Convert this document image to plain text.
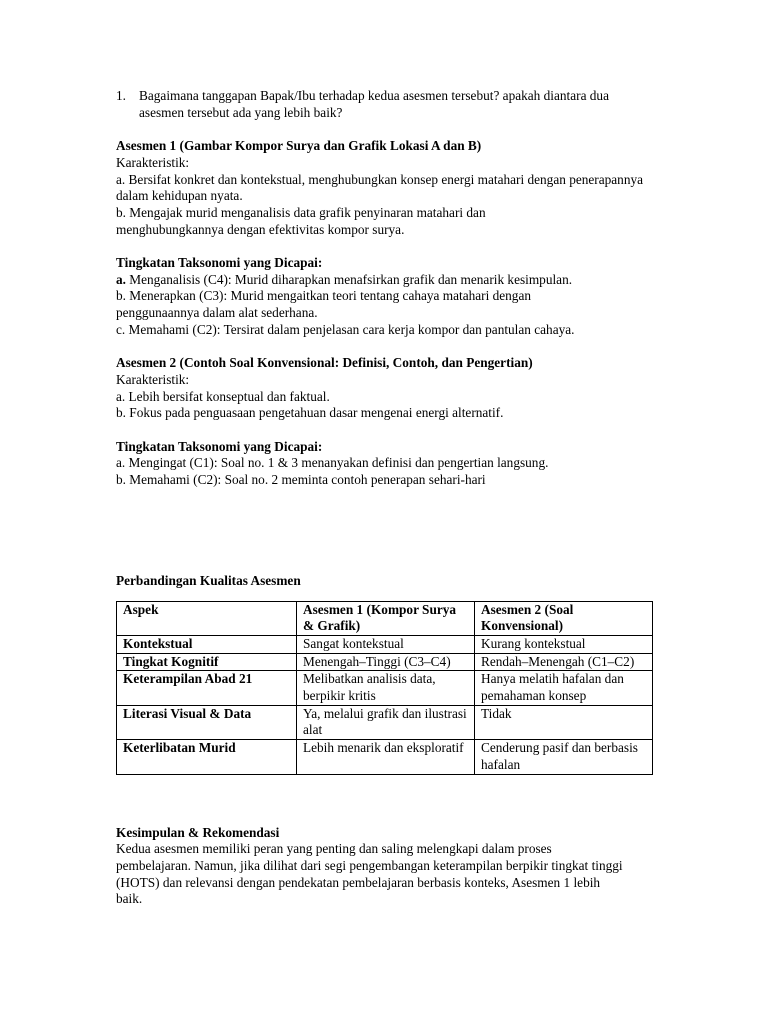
1. Bagaimana tanggapan Bapak/Ibu terhadap kedua asesmen tersebut? apakah diantara dua asesmen tersebut ada yang lebih baik?

Asesmen 1 (Gambar Kompor Surya dan Grafik Lokasi A dan B)

Karakteristik:

a. Bersifat konkret dan kontekstual, menghubungkan konsep energi matahari dengan penerapannya dalam kehidupan nyata.

b. Mengajak murid menganalisis data grafik penyinaran matahari dan menghubungkannya dengan efektivitas kompor surya.

Tingkatan Taksonomi yang Dicapai:

a. Menganalisis (C4): Murid diharapkan menafsirkan grafik dan menarik kesimpulan.

b. Menerapkan (C3): Murid mengaitkan teori tentang cahaya matahari dengan penggunaannya dalam alat sederhana.

c. Memahami (C2): Tersirat dalam penjelasan cara kerja kompor dan pantulan cahaya.

Asesmen 2 (Contoh Soal Konvensional: Definisi, Contoh, dan Pengertian)

Karakteristik:

a. Lebih bersifat konseptual dan faktual.

b. Fokus pada penguasaan pengetahuan dasar mengenai energi alternatif.

Tingkatan Taksonomi yang Dicapai:

a. Mengingat (C1): Soal no. 1 & 3 menanyakan definisi dan pengertian langsung.

b. Memahami (C2): Soal no. 2 meminta contoh penerapan sehari-hari

Perbandingan Kualitas Asesmen

Aspek	Asesmen 1 (Kompor Surya & Grafik)	Asesmen 2 (Soal Konvensional)
Kontekstual	Sangat kontekstual	Kurang kontekstual
Tingkat Kognitif	Menengah–Tinggi (C3–C4)	Rendah–Menengah (C1–C2)
Keterampilan Abad 21	Melibatkan analisis data, berpikir kritis	Hanya melatih hafalan dan pemahaman konsep
Literasi Visual & Data	Ya, melalui grafik dan ilustrasi alat	Tidak
Keterlibatan Murid	Lebih menarik dan eksploratif	Cenderung pasif dan berbasis hafalan

Kesimpulan & Rekomendasi

Kedua asesmen memiliki peran yang penting dan saling melengkapi dalam proses pembelajaran. Namun, jika dilihat dari segi pengembangan keterampilan berpikir tingkat tinggi (HOTS) dan relevansi dengan pendekatan pembelajaran berbasis konteks, Asesmen 1 lebih baik.
